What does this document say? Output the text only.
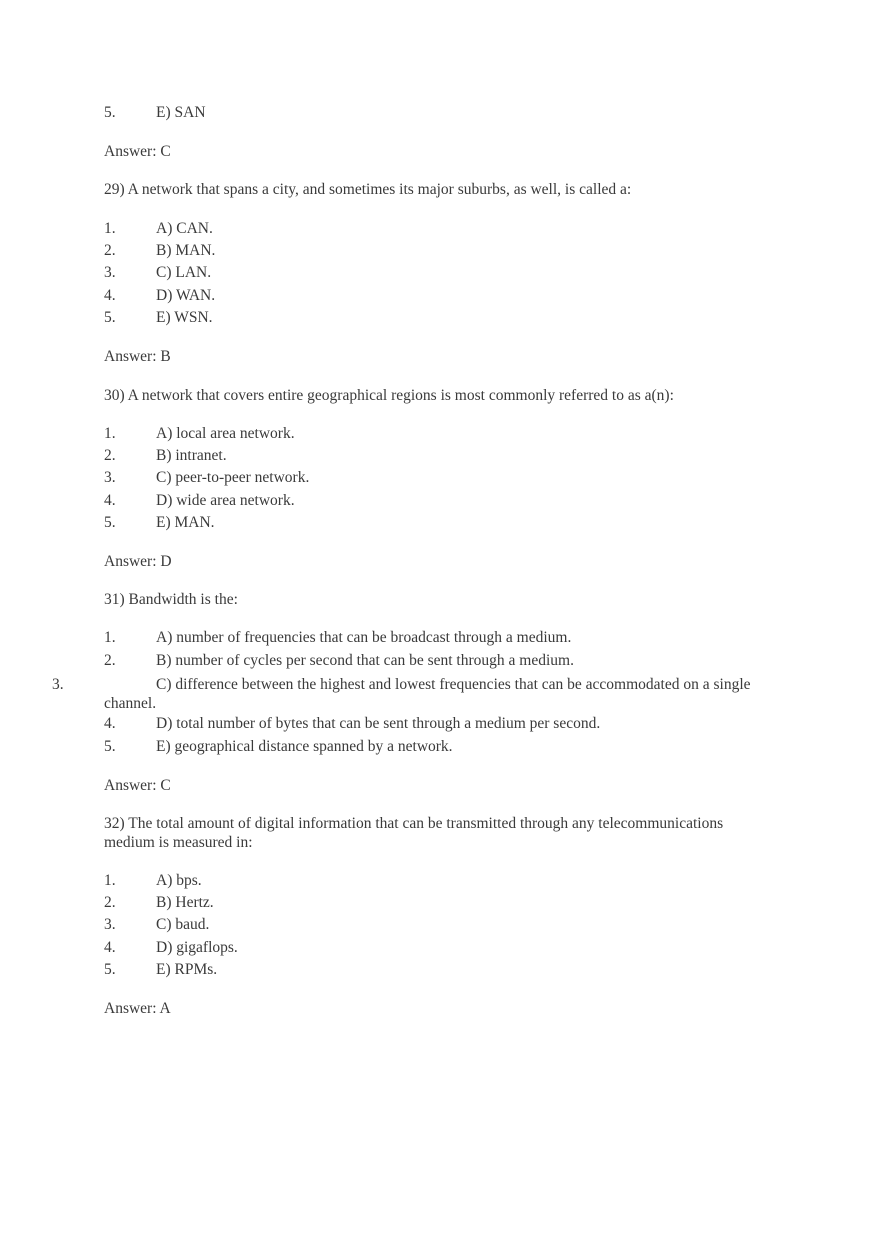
5.	E) SAN
Answer: C
29) A network that spans a city, and sometimes its major suburbs, as well, is called a:
1.	A) CAN.
2.	B) MAN.
3.	C) LAN.
4.	D) WAN.
5.	E) WSN.
Answer: B
30) A network that covers entire geographical regions is most commonly referred to as a(n):
1.	A) local area network.
2.	B) intranet.
3.	C) peer-to-peer network.
4.	D) wide area network.
5.	E) MAN.
Answer: D
31) Bandwidth is the:
1.	A) number of frequencies that can be broadcast through a medium.
2.	B) number of cycles per second that can be sent through a medium.
3.	C) difference between the highest and lowest frequencies that can be accommodated on a single channel.
4.	D) total number of bytes that can be sent through a medium per second.
5.	E) geographical distance spanned by a network.
Answer: C
32) The total amount of digital information that can be transmitted through any telecommunications medium is measured in:
1.	A) bps.
2.	B) Hertz.
3.	C) baud.
4.	D) gigaflops.
5.	E) RPMs.
Answer: A
